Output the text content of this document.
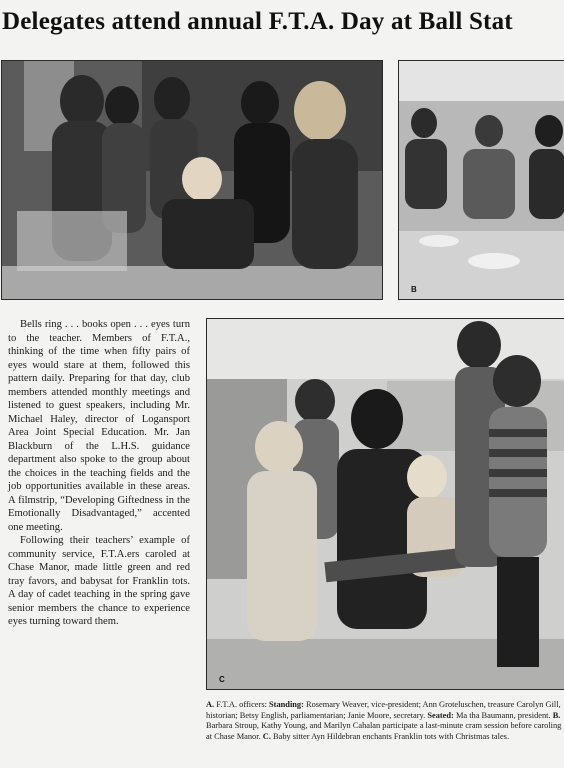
Delegates attend annual F.T.A. Day at Ball Stat
B

Bells ring . . . books open . . . eyes turn to the teacher. Members of F.T.A., thinking of the time when fifty pairs of eyes would stare at them, followed this pattern daily. Preparing for that day, club members attended monthly meetings and listened to guest speakers, including Mr. Michael Haley, director of Logansport Area Joint Special Education. Mr. Jan Blackburn of the L.H.S. guidance department also spoke to the group about the choices in the teaching fields and the job opportunities available in these areas. A filmstrip, “Developing Giftedness in the Emotionally Disadvantaged,” accented one meeting.

Following their teachers’ example of community service, F.T.A.ers caroled at Chase Manor, made little green and red tray favors, and babysat for Franklin tots. A day of cadet teaching in the spring gave senior members the chance to experience eyes turning toward them.

C
A. F.T.A. officers: Standing: Rosemary Weaver, vice-president; Ann Groteluschen, treasure Carolyn Gill, historian; Betsy English, parliamentarian; Janie Moore, secretary. Seated: Ma tha Baumann, president. B. Barbara Stroup, Kathy Young, and Marilyn Cahalan participate a last-minute cram session before caroling at Chase Manor. C. Baby sitter Ayn Hildebran enchants Franklin tots with Christmas tales.
